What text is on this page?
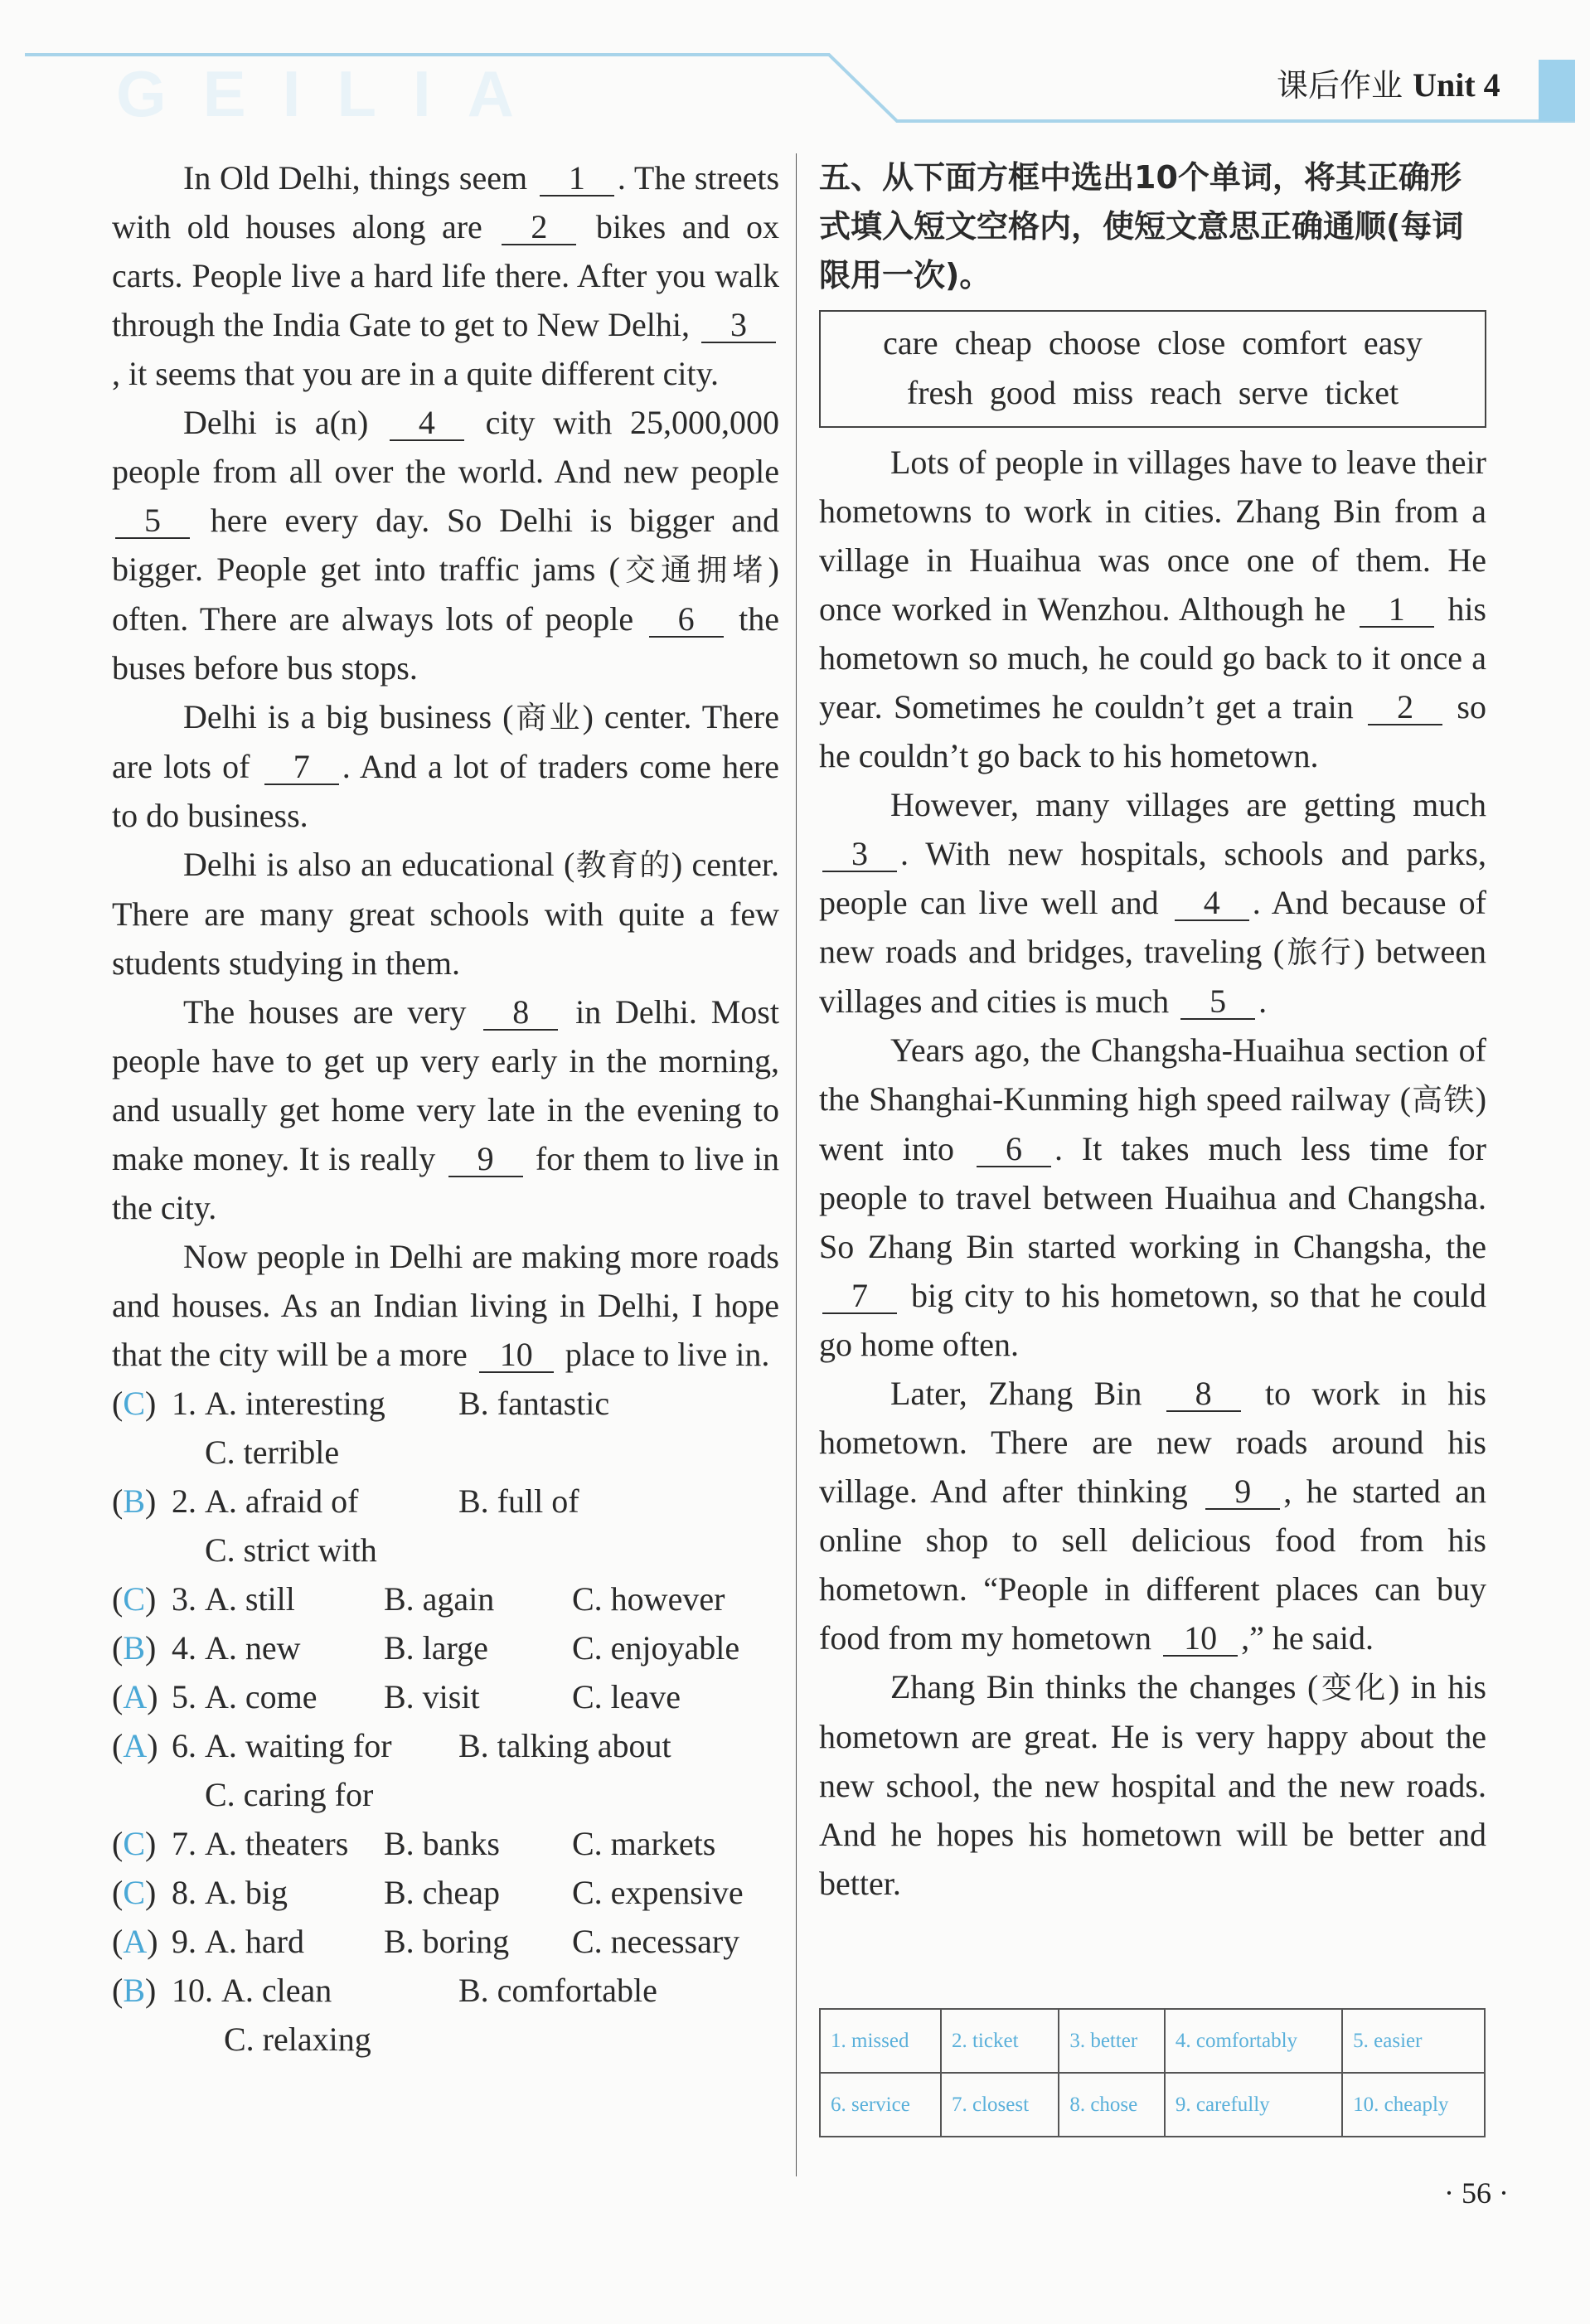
GEILIA	课后作业 Unit 4

In Old Delhi, things seem 1 . The streets with old houses along are 2 bikes and ox carts. People live a hard life there. After you walk through the India Gate to get to New Delhi, 3, it seems that you are in a quite different city.

Delhi is a(n) 4 city with 25,000,000 people from all over the world. And new people 5 here every day. So Delhi is bigger and bigger. People get into traffic jams (交通拥堵) often. There are always lots of people 6 the buses before bus stops.

Delhi is a big business (商业) center. There are lots of 7 . And a lot of traders come here to do business.

Delhi is also an educational (教育的) center. There are many great schools with quite a few students studying in them.

The houses are very 8 in Delhi. Most people have to get up very early in the morning, and usually get home very late in the evening to make money. It is really 9 for them to live in the city.

Now people in Delhi are making more roads and houses. As an Indian living in Delhi, I hope that the city will be a more 10 place to live in.

(C) 1. A. interesting B. fantastic
C. terrible
(B) 2. A. afraid of	B. full of
C. strict with
(C) 3. A. still	B. again C. however
(B) 4. A. new	B. large	C. enjoyable
(A) 5. A. come B. visit	C. leave
(A) 6. A. waiting for B. talking about
C. caring for
(C) 7. A. theaters B. banks C. markets
(C) 8. A. big	B. cheap C. expensive
(A) 9. A. hard B. boring C. necessary
(B) 10. A. clean	B. comfortable
C. relaxing
五、从下面方框中选出10个单词，将其正确形式填入短文空格内，使短文意思正确通顺(每词限用一次)。
care cheap choose close comfort easy
fresh good miss reach serve ticket

Lots of people in villages have to leave their hometowns to work in cities. Zhang Bin from a village in Huaihua was once one of them. He once worked in Wenzhou. Although he 1 his hometown so much, he could go back to it once a year. Sometimes he couldn’t get a train 2 so he couldn’t go back to his hometown.

However, many villages are getting much 3 . With new hospitals, schools and parks, people can live well and 4 . And because of new roads and bridges, traveling (旅行) between villages and cities is much 5 .

Years ago, the Changsha-Huaihua section of the Shanghai-Kunming high speed railway (高铁) went into 6 . It takes much less time for people to travel between Huaihua and Changsha. So Zhang Bin started working in Changsha, the 7 big city to his hometown, so that he could go home often.

Later, Zhang Bin 8 to work in his hometown. There are new roads around his village. And after thinking 9 , he started an online shop to sell delicious food from his hometown. “People in different places can buy food from my hometown 10 ,” he said.

Zhang Bin thinks the changes (变化) in his hometown are great. He is very happy about the new school, the new hospital and the new roads. And he hopes his hometown will be better and better.

1. missed	2. ticket	3. better	4. comfortably	5. easier
6. service	7. closest	8. chose	9. carefully	10. cheaply
· 56 ·
